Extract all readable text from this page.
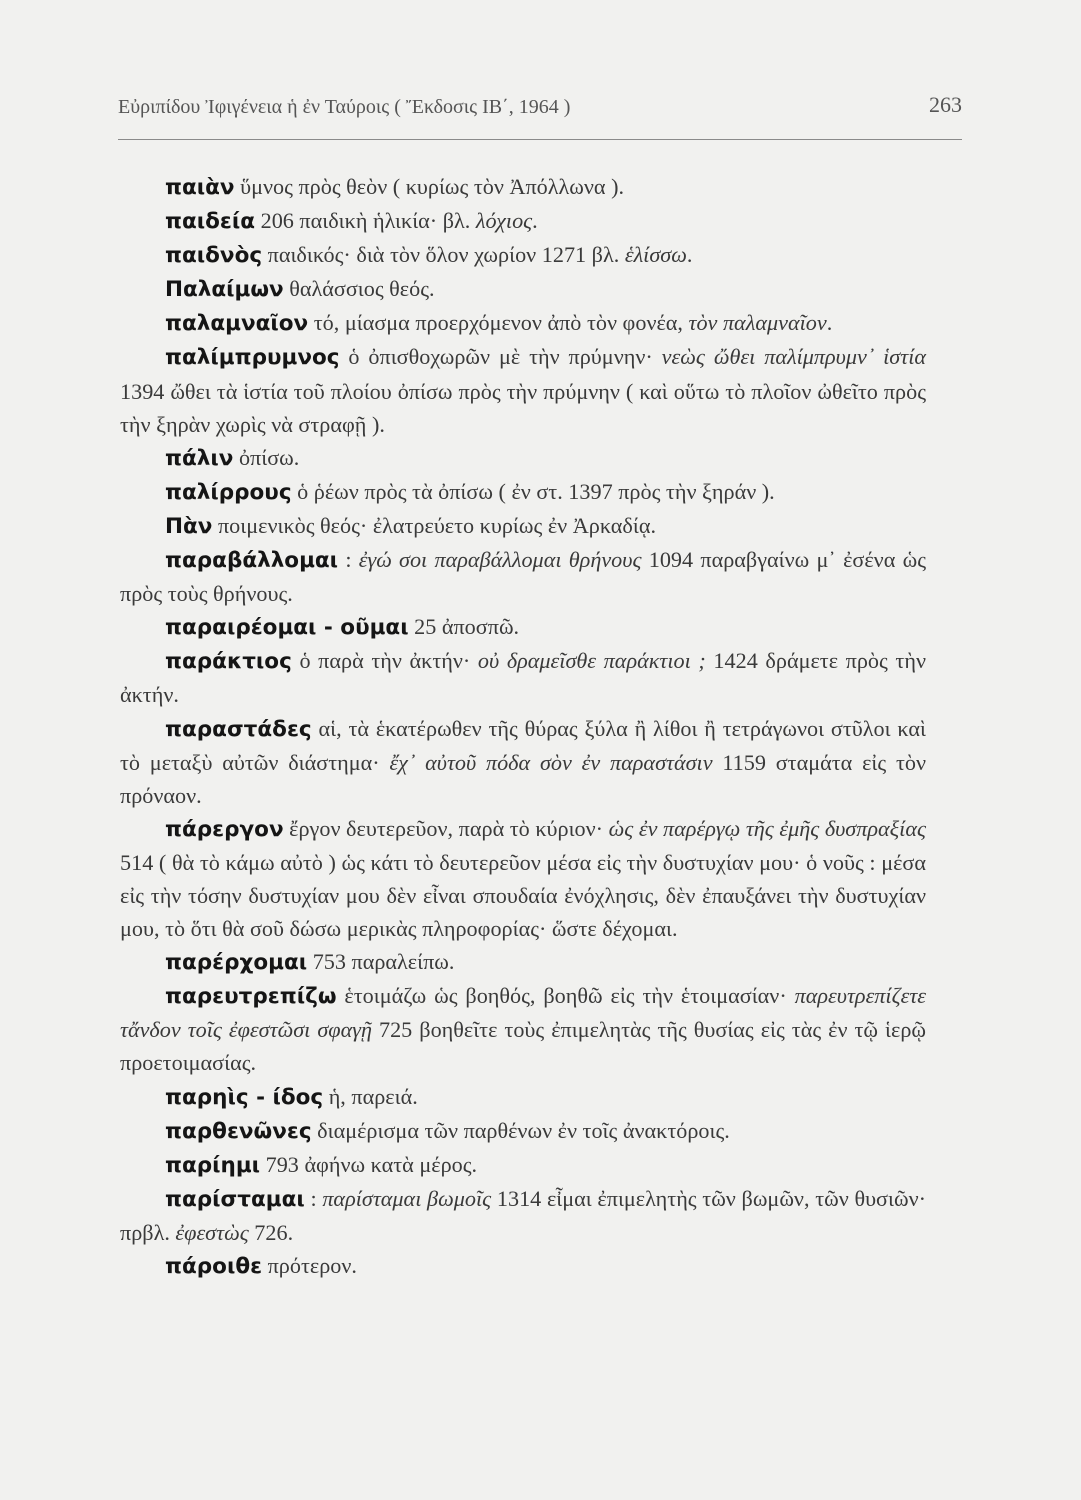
Εὐριπίδου Ἰφιγένεια ἡ ἐν Ταύροις ( Ἔκδοσις ΙΒ΄, 1964 )	263

παιὰν ὕμνος πρὸς θεὸν ( κυρίως τὸν Ἀπόλλωνα ).

παιδεία 206 παιδικὴ ἡλικία· βλ. λόχιος.

παιδνὸς παιδικός· διὰ τὸν ὅλον χωρίον 1271 βλ. ἑλίσσω.

Παλαίμων θαλάσσιος θεός.

παλαμναῖον τό, μίασμα προερχόμενον ἀπὸ τὸν φονέα, τὸν παλαμναῖον.

παλίμπρυμνος ὁ ὀπισθοχωρῶν μὲ τὴν πρύμνην· νεὼς ὤθει παλίμπρυμν᾽ ἱστία 1394 ὤθει τὰ ἱστία τοῦ πλοίου ὀπίσω πρὸς τὴν πρύμνην ( καὶ οὕτω τὸ πλοῖον ὠθεῖτο πρὸς τὴν ξηρὰν χωρὶς νὰ στραφῇ ).

πάλιν ὀπίσω.

παλίρρους ὁ ῥέων πρὸς τὰ ὀπίσω ( ἐν στ. 1397 πρὸς τὴν ξηράν ).

Πὰν ποιμενικὸς θεός· ἐλατρεύετο κυρίως ἐν Ἀρκαδίᾳ.

παραβάλλομαι : ἐγώ σοι παραβάλλομαι θρήνους 1094 παραβγαίνω μ᾽ ἐσένα ὡς πρὸς τοὺς θρήνους.

παραιρέομαι - οῦμαι 25 ἀποσπῶ.

παράκτιος ὁ παρὰ τὴν ἀκτήν· οὐ δραμεῖσθε παράκτιοι ; 1424 δράμετε πρὸς τὴν ἀκτήν.

παραστάδες αἱ, τὰ ἑκατέρωθεν τῆς θύρας ξύλα ἢ λίθοι ἢ τετράγωνοι στῦλοι καὶ τὸ μεταξὺ αὐτῶν διάστημα· ἔχ᾽ αὐτοῦ πόδα σὸν ἐν παραστάσιν 1159 σταμάτα εἰς τὸν πρόναον.

πάρεργον ἔργον δευτερεῦον, παρὰ τὸ κύριον· ὡς ἐν παρέργῳ τῆς ἐμῆς δυσπραξίας 514 ( θὰ τὸ κάμω αὐτὸ ) ὡς κάτι τὸ δευτερεῦον μέσα εἰς τὴν δυστυχίαν μου· ὁ νοῦς : μέσα εἰς τὴν τόσην δυστυχίαν μου δὲν εἶναι σπουδαία ἐνόχλησις, δὲν ἐπαυξάνει τὴν δυστυχίαν μου, τὸ ὅτι θὰ σοῦ δώσω μερικὰς πληροφορίας· ὥστε δέχομαι.

παρέρχομαι 753 παραλείπω.

παρευτρεπίζω ἑτοιμάζω ὡς βοηθός, βοηθῶ εἰς τὴν ἑτοιμασίαν· παρευτρεπίζετε τἄνδον τοῖς ἐφεστῶσι σφαγῇ 725 βοηθεῖτε τοὺς ἐπιμελητὰς τῆς θυσίας εἰς τὰς ἐν τῷ ἱερῷ προετοιμασίας.

παρηὶς - ίδος ἡ, παρειά.

παρθενῶνες διαμέρισμα τῶν παρθένων ἐν τοῖς ἀνακτόροις.

παρίημι 793 ἀφήνω κατὰ μέρος.

παρίσταμαι : παρίσταμαι βωμοῖς 1314 εἶμαι ἐπιμελητὴς τῶν βωμῶν, τῶν θυσιῶν· πρβλ. ἐφεστὼς 726.

πάροιθε πρότερον.
